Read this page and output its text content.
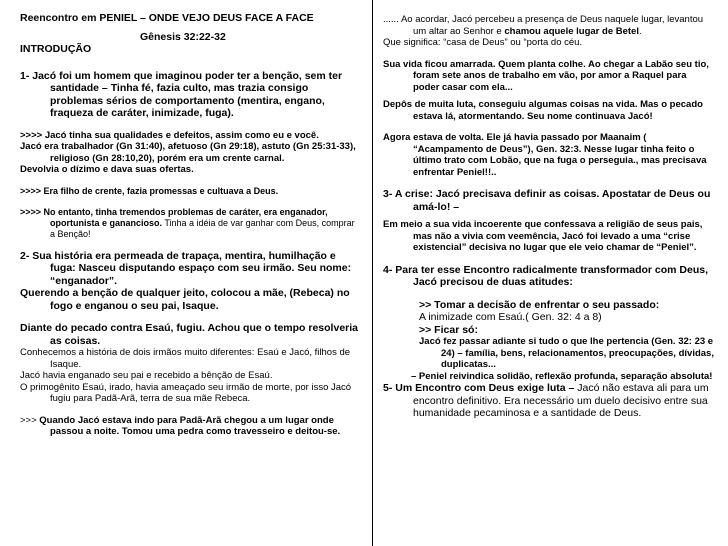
Reencontro em PENIEL – ONDE VEJO DEUS FACE A FACE

Gênesis 32:22-32

INTRODUÇÃO

1- Jacó foi um homem que imaginou poder ter a benção, sem ter santidade – Tinha fé, fazia culto, mas trazia consigo problemas sérios de comportamento (mentira, engano, fraqueza de caráter, inimizade, fuga).

>>>> Jacó tinha sua qualidades e defeitos, assim como eu e você.

Jacó era trabalhador (Gn 31:40), afetuoso (Gn 29:18), astuto (Gn 25:31-33), religioso (Gn 28:10,20), porém era um crente carnal.

Devolvia o dízimo e dava suas ofertas.

>>>> Era filho de crente, fazia promessas e cultuava a Deus.

>>>> No entanto, tinha tremendos problemas de caráter, era enganador, oportunista e ganancioso. Tinha a idéia de var ganhar com Deus, comprar a Benção!

2- Sua história era permeada de trapaça, mentira, humilhação e fuga: Nasceu disputando espaço com seu irmão. Seu nome: “enganador”.

Querendo a benção de qualquer jeito, colocou a mãe, (Rebeca) no fogo e enganou o seu pai, Isaque.

Diante do pecado contra Esaú, fugiu. Achou que o tempo resolveria as coisas.

Conhecemos a história de dois irmãos muito diferentes: Esaú e Jacó, filhos de Isaque.

Jacó havia enganado seu pai e recebido a bênção de Esaú.

O primogênito Esaú, irado, havia ameaçado seu irmão de morte, por isso Jacó fugiu para Padã-Arã, terra de sua mãe Rebeca.

>>> Quando Jacó estava indo para Padã-Arã chegou a um lugar onde passou a noite. Tomou uma pedra como travesseiro e deitou-se.

...... Ao acordar, Jacó percebeu a presença de Deus naquele lugar, levantou um altar ao Senhor e chamou aquele lugar de Betel.

Que significa: “casa de Deus” ou “porta do céu.

Sua vida ficou amarrada. Quem planta colhe. Ao chegar a Labão seu tio, foram sete anos de trabalho em vão, por amor a Raquel para poder casar com ela...

Depôs de muita luta, conseguiu algumas coisas na vida. Mas o pecado estava lá, atormentando. Seu nome continuava Jacó!

Agora estava de volta. Ele já havia passado por Maanaim ( “Acampamento de Deus”), Gen. 32:3. Nesse lugar tinha feito o último trato com Lobão, que na fuga o perseguia., mas precisava enfrentar Peniel!!..

3- A crise: Jacó precisava definir as coisas. Apostatar de Deus ou amá-lo! –

Em meio a sua vida incoerente que confessava a religião de seus pais, mas não a vivia com veemência, Jacó foi levado a uma “crise existencial” decisiva no lugar que ele veio chamar de “Peniel”.

4- Para ter esse Encontro radicalmente transformador com Deus, Jacó precisou de duas atitudes:

>> Tomar a decisão de enfrentar o seu passado:

A inimizade com Esaú.( Gen. 32: 4 a 8)

>> Ficar só:

Jacó fez passar adiante si tudo o que lhe pertencia (Gen. 32: 23 e 24) – família, bens, relacionamentos, preocupações, dívidas, duplicatas...

– Peniel reivindica solidão, reflexão profunda, separação absoluta!

5- Um Encontro com Deus exige luta – Jacó não estava ali para um encontro definitivo. Era necessário um duelo decisivo entre sua humanidade pecaminosa e a santidade de Deus.
